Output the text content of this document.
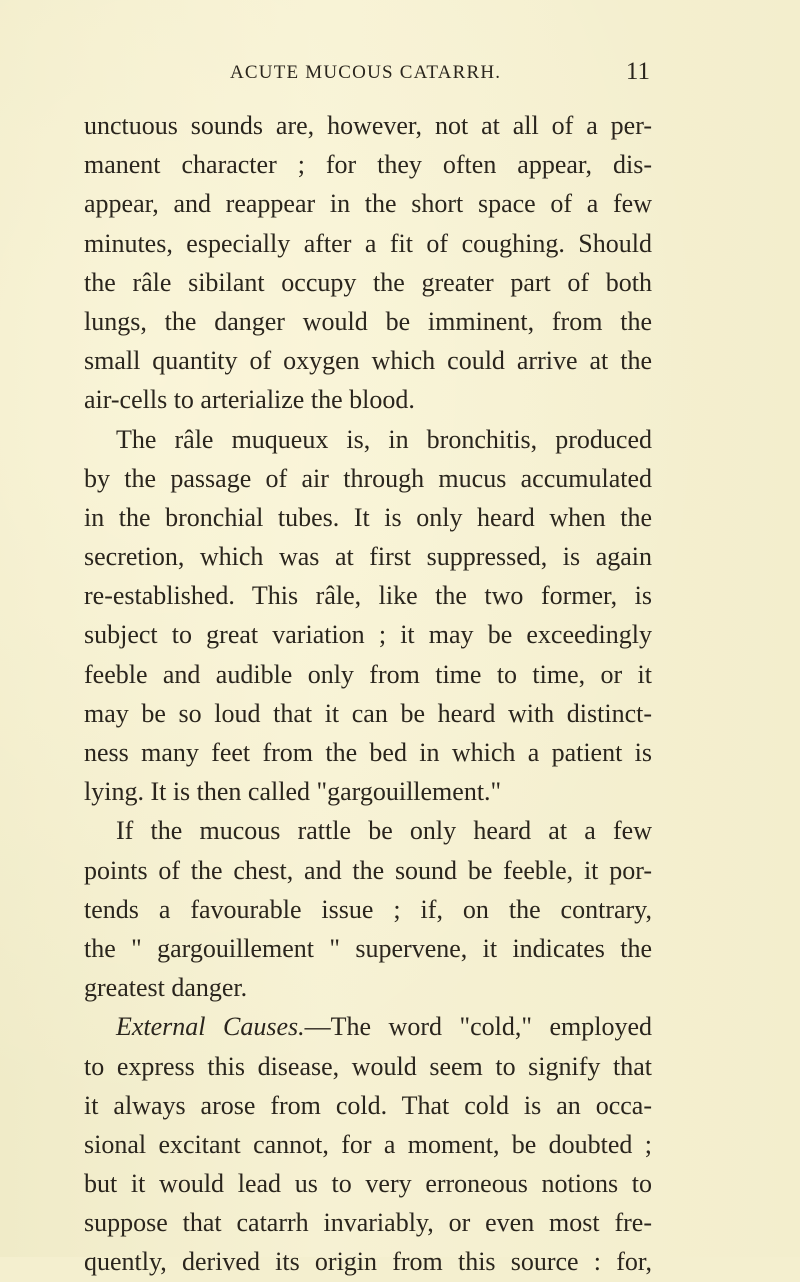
ACUTE MUCOUS CATARRH.	11
unctuous sounds are, however, not at all of a per-
manent character ; for they often appear, dis-
appear, and reappear in the short space of a few
minutes, especially after a fit of coughing. Should
the râle sibilant occupy the greater part of both
lungs, the danger would be imminent, from the
small quantity of oxygen which could arrive at the
air-cells to arterialize the blood.
The râle muqueux is, in bronchitis, produced
by the passage of air through mucus accumulated
in the bronchial tubes. It is only heard when the
secretion, which was at first suppressed, is again
re-established. This râle, like the two former, is
subject to great variation ; it may be exceedingly
feeble and audible only from time to time, or it
may be so loud that it can be heard with distinct-
ness many feet from the bed in which a patient is
lying. It is then called "gargouillement."
If the mucous rattle be only heard at a few
points of the chest, and the sound be feeble, it por-
tends a favourable issue ; if, on the contrary,
the " gargouillement " supervene, it indicates the
greatest danger.
External Causes.—The word "cold," employed
to express this disease, would seem to signify that
it always arose from cold. That cold is an occa-
sional excitant cannot, for a moment, be doubted ;
but it would lead us to very erroneous notions to
suppose that catarrh invariably, or even most fre-
quently, derived its origin from this source : for,
